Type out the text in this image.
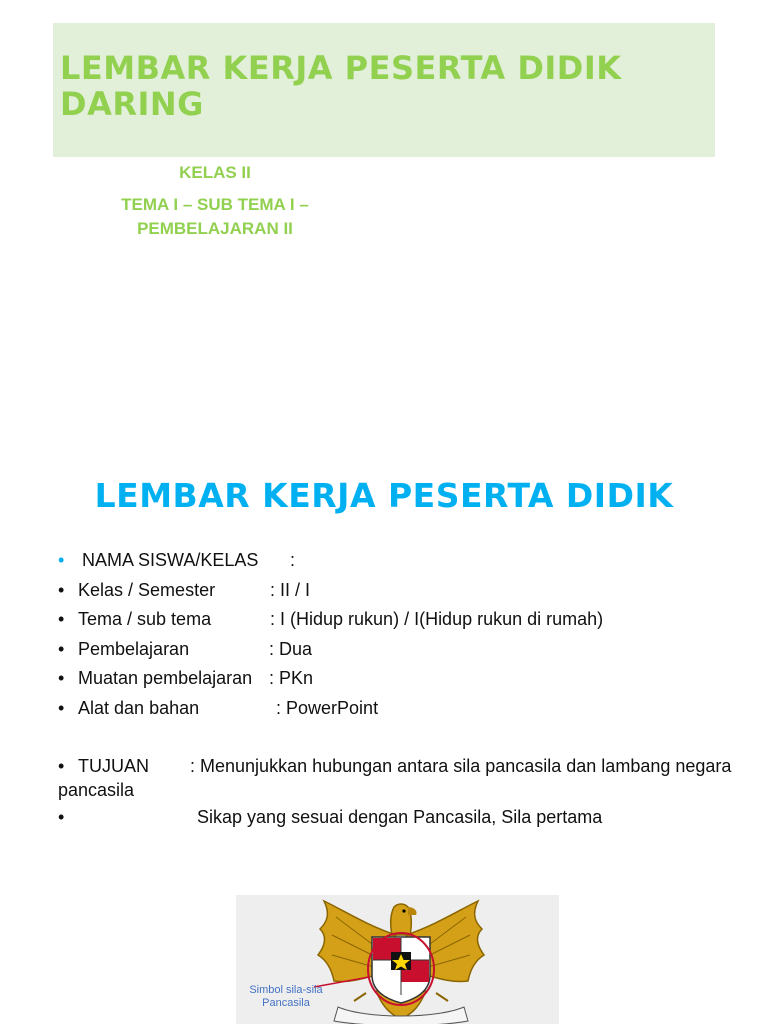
LEMBAR KERJA PESERTA DIDIK DARING
KELAS II
TEMA I – SUB TEMA I – PEMBELAJARAN II
LEMBAR KERJA PESERTA DIDIK
• NAMA SISWA/KELAS :
• Kelas / Semester	: II / I
• Tema / sub tema	: I (Hidup rukun) / I(Hidup rukun di rumah)
• Pembelajaran	: Dua
• Muatan pembelajaran : PKn
• Alat dan bahan	: PowerPoint
• TUJUAN : Menunjukkan hubungan antara sila pancasila dan lambang negara pancasila
•	Sikap yang sesuai dengan Pancasila, Sila pertama
Simbol sila-sila Pancasila
